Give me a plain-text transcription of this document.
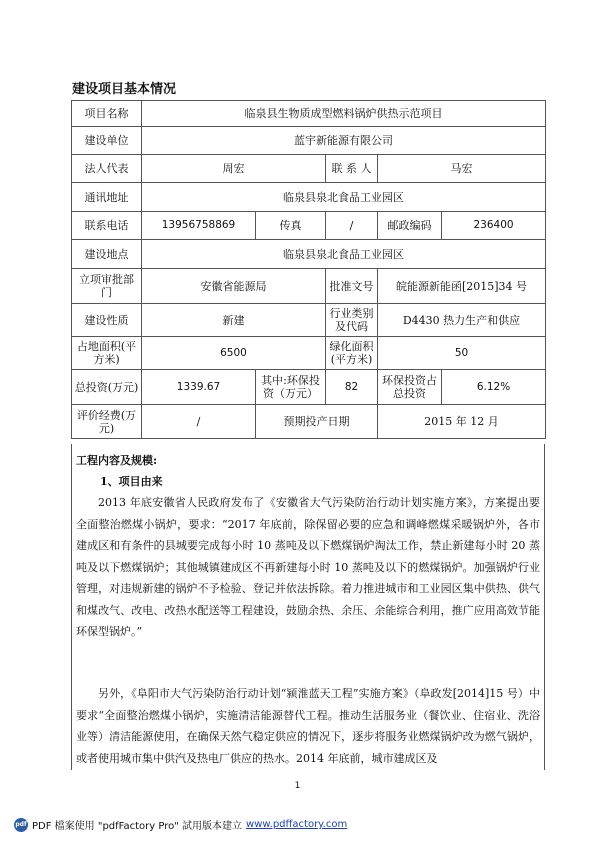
建设项目基本情况
项目名称	临泉县生物质成型燃料锅炉供热示范项目				
建设单位	蓝宇新能源有限公司				
法人代表	周宏		联 系 人	马宏	
通讯地址	临泉县泉北食品工业园区				
联系电话	13956758869	传真	/	邮政编码	236400
建设地点	临泉县泉北食品工业园区				
立项审批部门	安徽省能源局		批准文号	皖能源新能函[2015]34 号	
建设性质	新建		行业类别及代码	D4430 热力生产和供应	
占地面积(平方米)	6500		绿化面积(平方米)	50	
总投资(万元)	1339.67	其中:环保投资（万元）	82	环保投资占总投资	6.12%
评价经费(万元)	/	预期投产日期		2015 年 12 月	
工程内容及规模:
1、项目由来

2013 年底安徽省人民政府发布了《安徽省大气污染防治行动计划实施方案》，方案提出要全面整治燃煤小锅炉，要求：“2017 年底前，除保留必要的应急和调峰燃煤采暖锅炉外，各市建成区和有条件的县城要完成每小时 10 蒸吨及以下燃煤锅炉淘汰工作，禁止新建每小时 20 蒸吨及以下燃煤锅炉；其他城镇建成区不再新建每小时 10 蒸吨及以下的燃煤锅炉。加强锅炉行业管理，对违规新建的锅炉不予检验、登记并依法拆除。着力推进城市和工业园区集中供热、供气和煤改气、改电、改热水配送等工程建设，鼓励余热、余压、余能综合利用，推广应用高效节能环保型锅炉。”

另外，《阜阳市大气污染防治行动计划“颍淮蓝天工程”实施方案》（阜政发[2014]15 号）中要求“全面整治燃煤小锅炉，实施清洁能源替代工程。推动生活服务业（餐饮业、住宿业、洗浴业等）清洁能源使用，在确保天然气稳定供应的情况下，逐步将服务业燃煤锅炉改为燃气锅炉，或者使用城市集中供汽及热电厂供应的热水。2014 年底前，城市建成区及

1
pdf PDF 檔案使用 "pdfFactory Pro" 試用版本建立 www.pdffactory.com
